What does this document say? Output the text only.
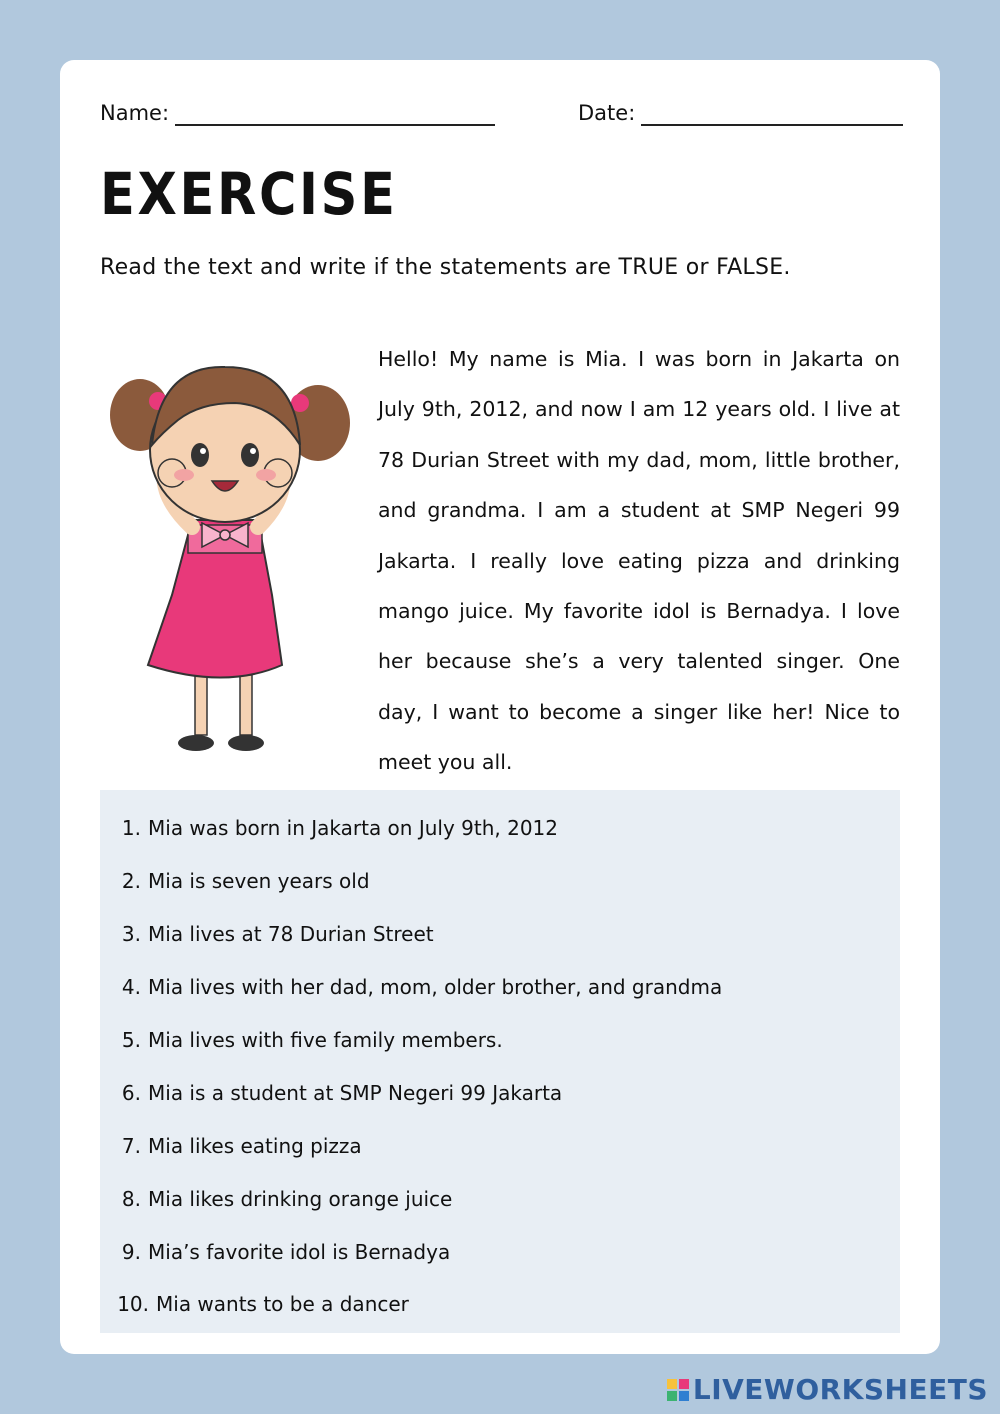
Name:	Date:
EXERCISE
Read the text and write if the statements are TRUE or FALSE.
Hello! My name is Mia. I was born in Jakarta on July 9th, 2012, and now I am 12 years old. I live at 78 Durian Street with my dad, mom, little brother, and grandma. I am a student at SMP Negeri 99 Jakarta. I really love eating pizza and drinking mango juice. My favorite idol is Bernadya. I love her because she’s a very talented singer. One day, I want to become a singer like her! Nice to meet you all.
1. Mia was born in Jakarta on July 9th, 2012
2. Mia is seven years old
3. Mia lives at 78 Durian Street
4. Mia lives with her dad, mom, older brother, and grandma
5. Mia lives with five family members.
6. Mia is a student at SMP Negeri 99 Jakarta
7. Mia likes eating pizza
8. Mia likes drinking orange juice
9. Mia’s favorite idol is Bernadya
10. Mia wants to be a dancer
LIVEWORKSHEETS
